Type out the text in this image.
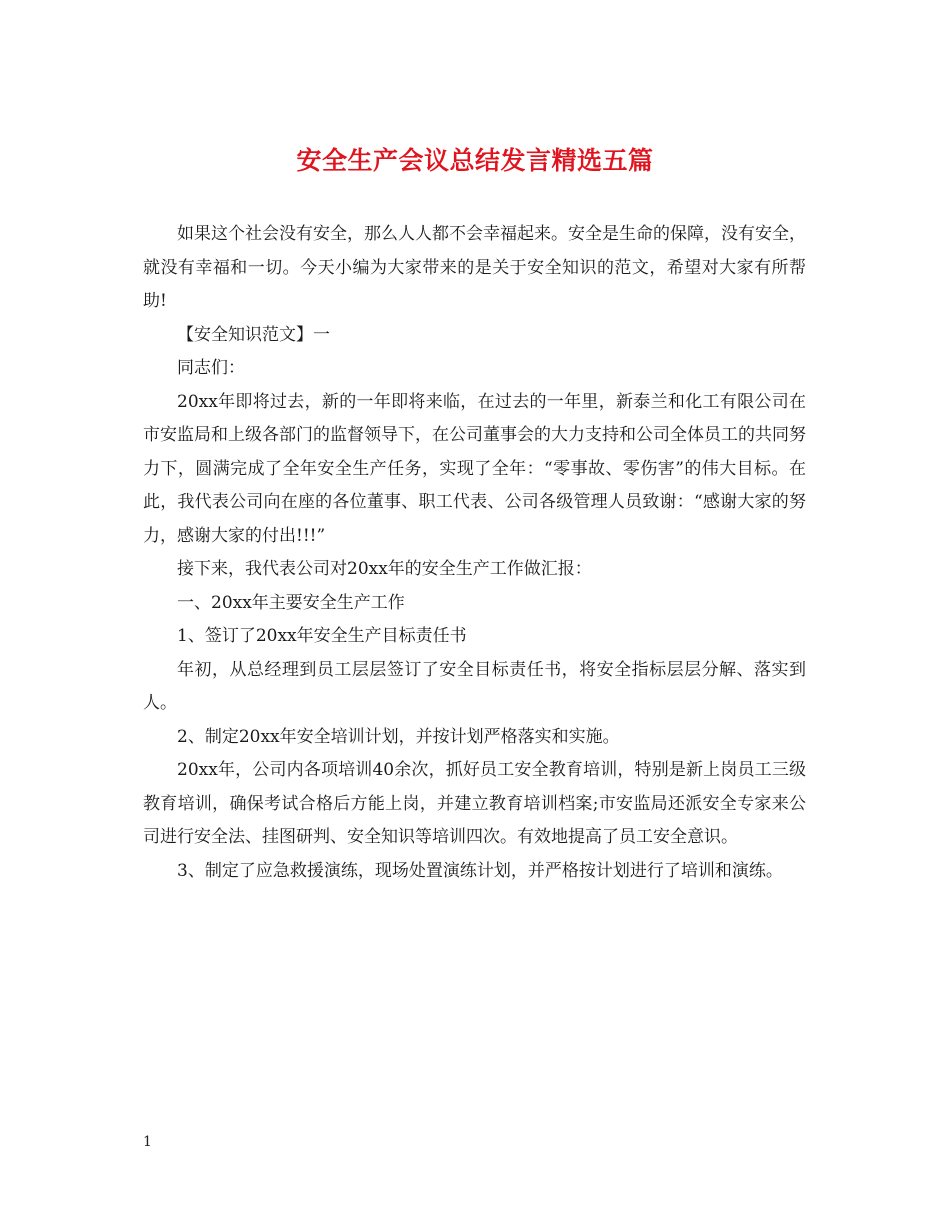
安全生产会议总结发言精选五篇

如果这个社会没有安全，那么人人都不会幸福起来。安全是生命的保障，没有安全，就没有幸福和一切。今天小编为大家带来的是关于安全知识的范文，希望对大家有所帮助!

【安全知识范文】一

同志们：

20xx年即将过去，新的一年即将来临，在过去的一年里，新泰兰和化工有限公司在市安监局和上级各部门的监督领导下，在公司董事会的大力支持和公司全体员工的共同努力下，圆满完成了全年安全生产任务，实现了全年：“零事故、零伤害”的伟大目标。在此，我代表公司向在座的各位董事、职工代表、公司各级管理人员致谢：“感谢大家的努力，感谢大家的付出!!!”

接下来，我代表公司对20xx年的安全生产工作做汇报：

一、20xx年主要安全生产工作

1、签订了20xx年安全生产目标责任书

年初，从总经理到员工层层签订了安全目标责任书，将安全指标层层分解、落实到人。

2、制定20xx年安全培训计划，并按计划严格落实和实施。

20xx年，公司内各项培训40余次，抓好员工安全教育培训，特别是新上岗员工三级教育培训，确保考试合格后方能上岗，并建立教育培训档案;市安监局还派安全专家来公司进行安全法、挂图研判、安全知识等培训四次。有效地提高了员工安全意识。

3、制定了应急救援演练，现场处置演练计划，并严格按计划进行了培训和演练。

1
